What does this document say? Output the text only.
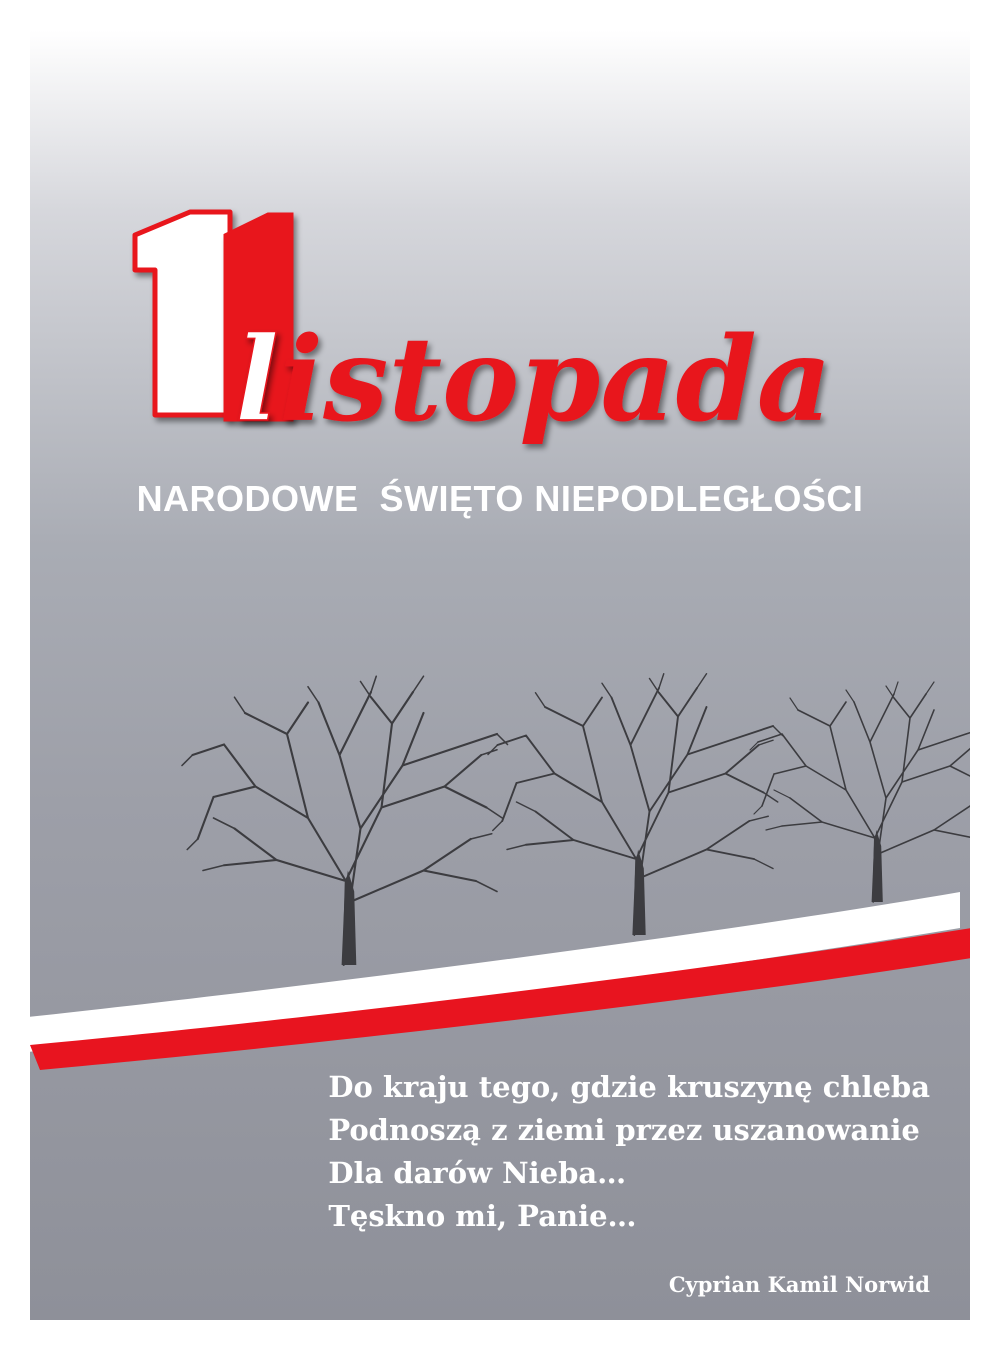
listopada
NARODOWE  ŚWIĘTO NIEPODLEGŁOŚCI
Do kraju tego, gdzie kruszynę chleba
Podnoszą z ziemi przez uszanowanie
Dla darów Nieba…
Tęskno mi, Panie…
Cyprian Kamil Norwid
